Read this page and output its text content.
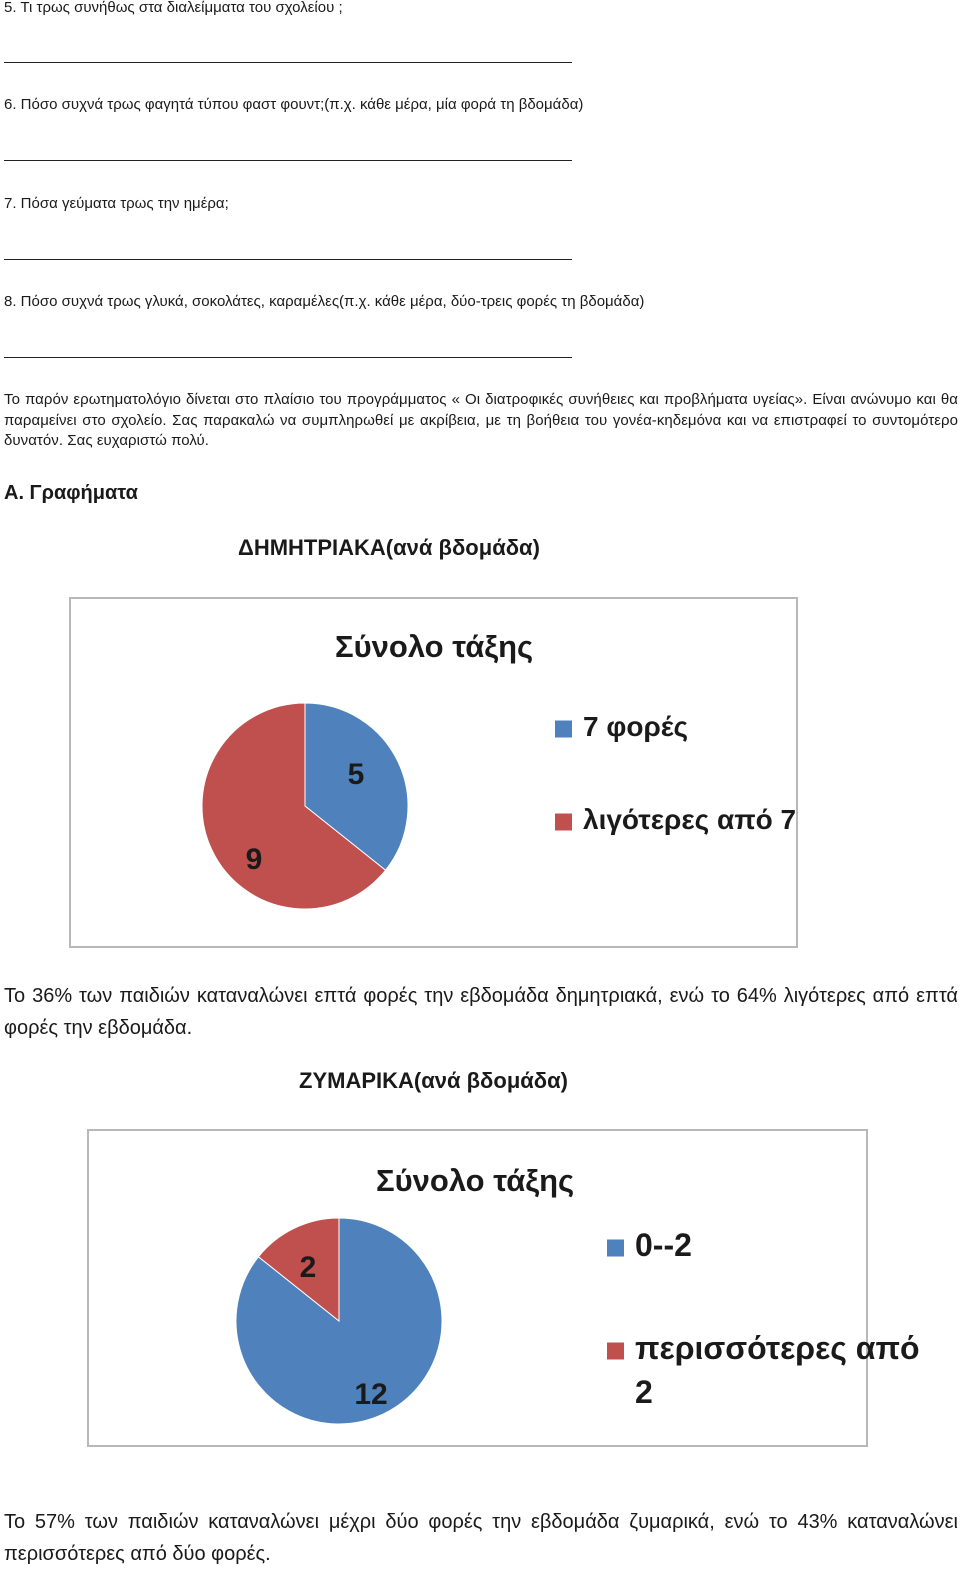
5. Τι τρως συνήθως στα διαλείμματα του σχολείου ;
6. Πόσο συχνά τρως φαγητά τύπου φαστ φουντ;(π.χ. κάθε μέρα, μία φορά τη βδομάδα)
7. Πόσα γεύματα τρως την ημέρα;
8. Πόσο συχνά τρως γλυκά, σοκολάτες, καραμέλες(π.χ. κάθε μέρα, δύο-τρεις φορές τη βδομάδα)
Το παρόν ερωτηματολόγιο δίνεται στο πλαίσιο του προγράμματος « Οι διατροφικές συνήθειες και προβλήματα υγείας». Είναι ανώνυμο και θα παραμείνει στο σχολείο. Σας παρακαλώ να συμπληρωθεί με ακρίβεια, με τη βοήθεια του γονέα-κηδεμόνα και να επιστραφεί το συντομότερο δυνατόν. Σας ευχαριστώ πολύ.
Α. Γραφήματα
ΔΗΜΗΤΡΙΑΚΑ(ανά βδομάδα)
Σύνολο τάξης
5
9
7 φορές
λιγότερες από 7
Το 36% των παιδιών καταναλώνει επτά φορές την εβδομάδα δημητριακά, ενώ το 64% λιγότερες από επτά φορές την εβδομάδα.
ΖΥΜΑΡΙΚΑ(ανά βδομάδα)
Σύνολο τάξης
12
2
0--2
περισσότερες από 2
Το 57% των παιδιών καταναλώνει μέχρι δύο φορές την εβδομάδα ζυμαρικά, ενώ το 43% καταναλώνει περισσότερες από δύο φορές.
